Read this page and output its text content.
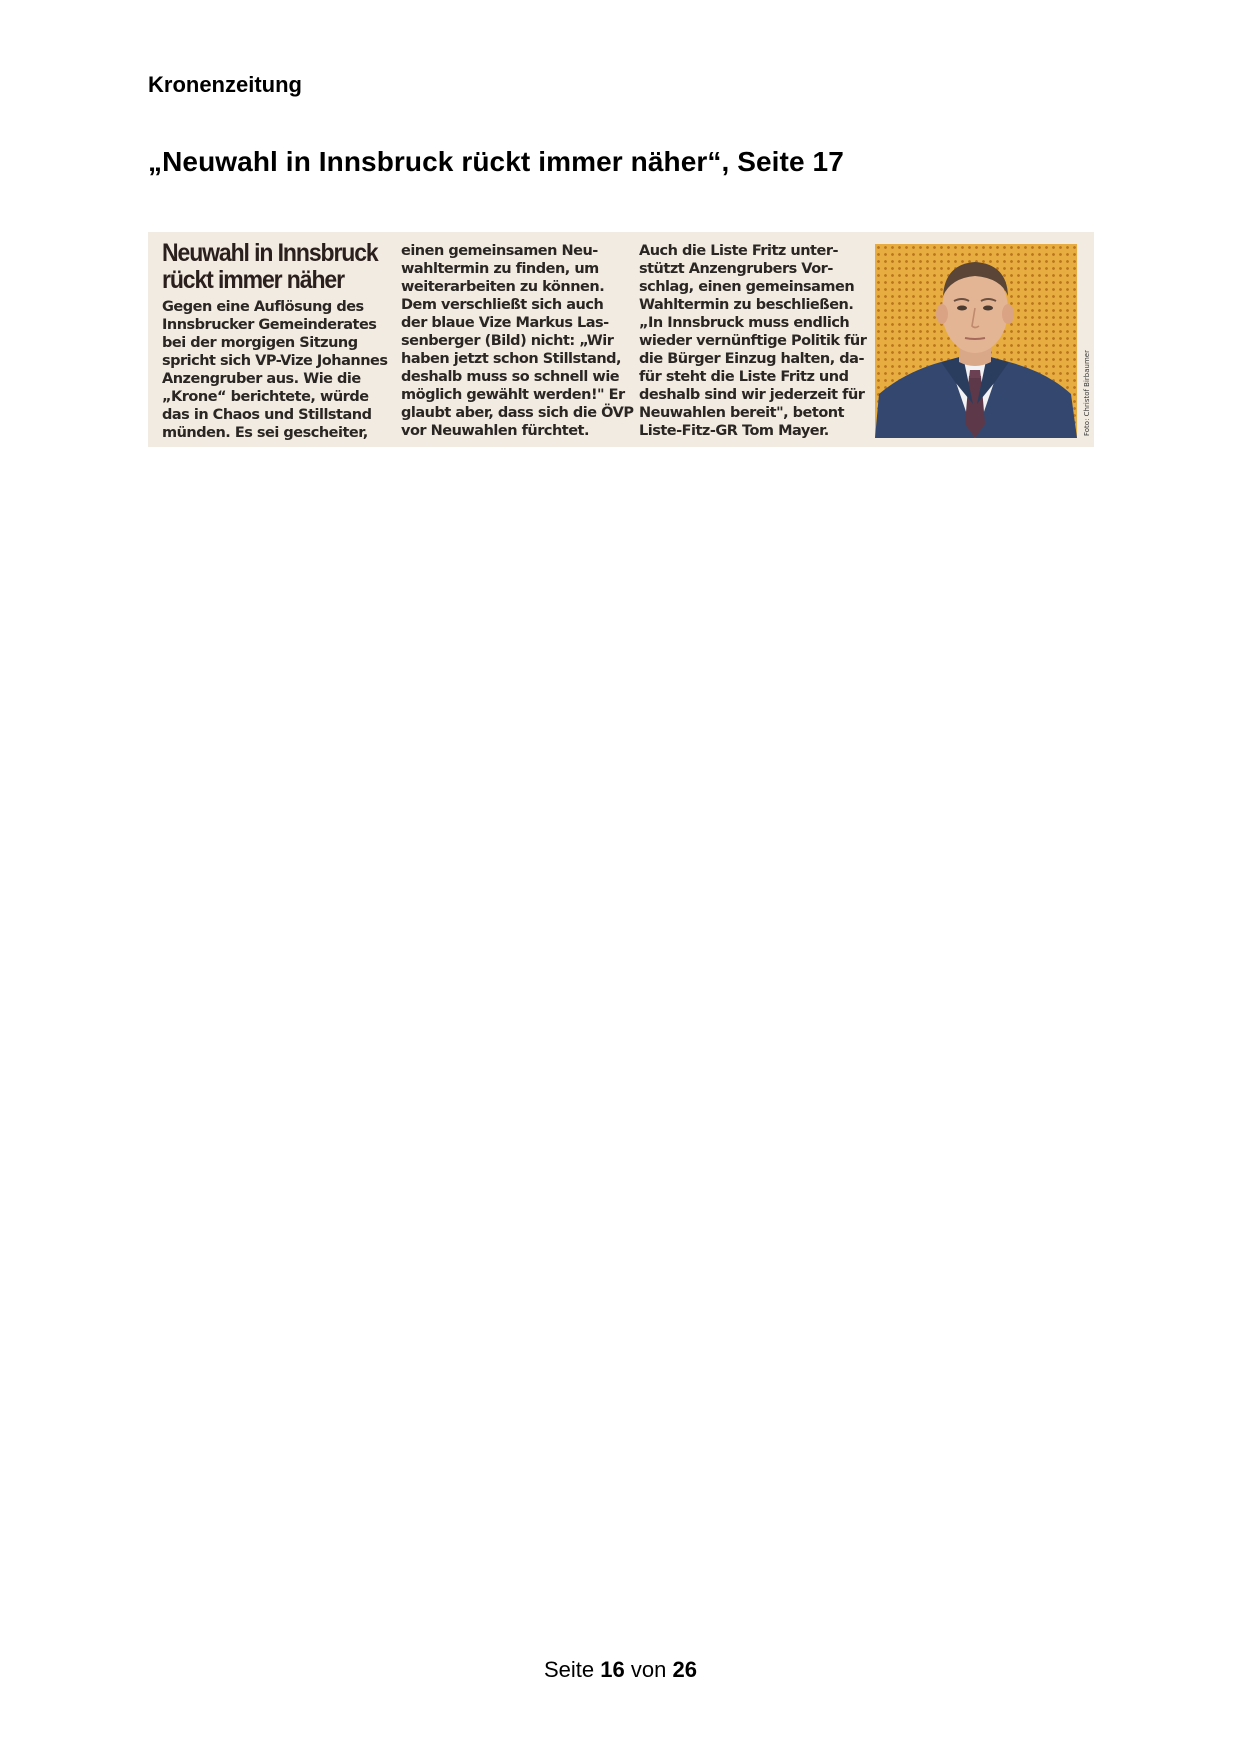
Kronenzeitung
„Neuwahl in Innsbruck rückt immer näher“, Seite 17
Neuwahl in Innsbruck
rückt immer näher
Gegen eine Auflösung des
Innsbrucker Gemeinderates
bei der morgigen Sitzung
spricht sich VP-Vize Johannes
Anzengruber aus. Wie die
„Krone“ berichtete, würde
das in Chaos und Stillstand
münden. Es sei gescheiter,
einen gemeinsamen Neu-
wahltermin zu finden, um
weiterarbeiten zu können.
Dem verschließt sich auch
der blaue Vize Markus Las-
senberger (Bild) nicht: „Wir
haben jetzt schon Stillstand,
deshalb muss so schnell wie
möglich gewählt werden!" Er
glaubt aber, dass sich die ÖVP
vor Neuwahlen fürchtet.
Auch die Liste Fritz unter-
stützt Anzengrubers Vor-
schlag, einen gemeinsamen
Wahltermin zu beschließen.
„In Innsbruck muss endlich
wieder vernünftige Politik für
die Bürger Einzug halten, da-
für steht die Liste Fritz und
deshalb sind wir jederzeit für
Neuwahlen bereit", betont
Liste-Fitz-GR Tom Mayer.	Foto: Christof Birbaumer
Seite 16 von 26
